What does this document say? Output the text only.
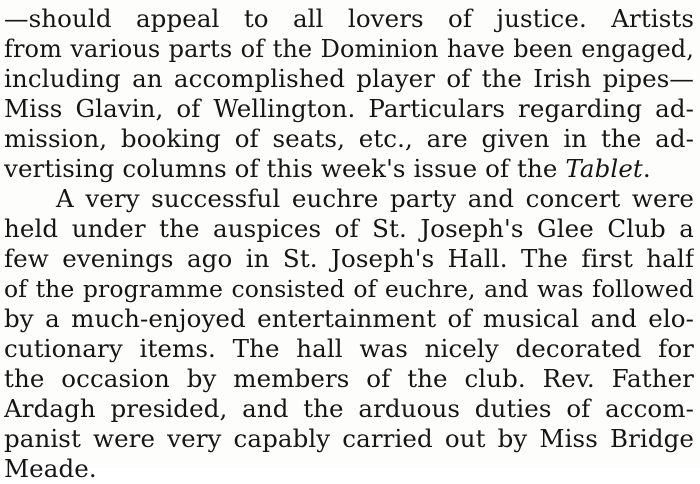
—should appeal to all lovers of justice. Artists
from various parts of the Dominion have been engaged,
including an accomplished player of the Irish pipes—
Miss Glavin, of Wellington. Particulars regarding ad-
mission, booking of seats, etc., are given in the ad-
vertising columns of this week's issue of the Tablet.
A very successful euchre party and concert were
held under the auspices of St. Joseph's Glee Club a
few evenings ago in St. Joseph's Hall. The first half
of the programme consisted of euchre, and was followed
by a much-enjoyed entertainment of musical and elo-
cutionary items. The hall was nicely decorated for
the occasion by members of the club. Rev. Father
Ardagh presided, and the arduous duties of accom-
panist were very capably carried out by Miss Bridge
Meade.
